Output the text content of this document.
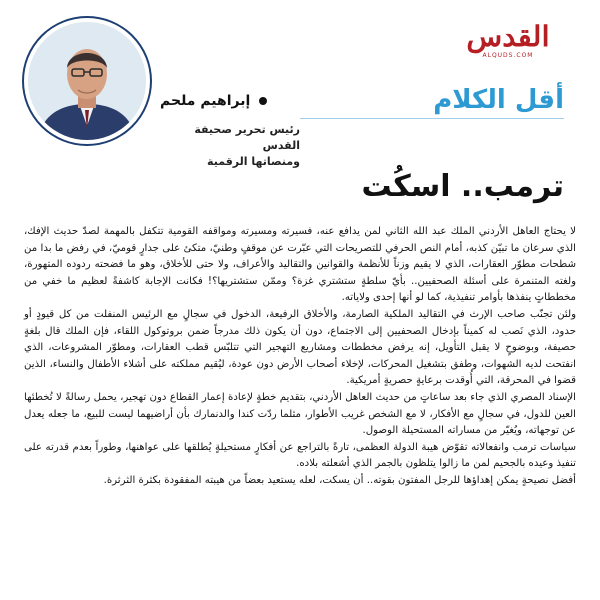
القدس
ALQUDS.COM
أقل الكلام
إبراهيم ملحم
رئيس تحرير صحيفة القدس
ومنصاتها الرقمية
ترمب.. اسكُت

لا يحتاج العاهل الأردني الملك عبد الله الثاني لمن يدافع عنه، فسيرته ومسيرته ومواقفه القومية تتكفل بالمهمة لصدّ حديث الإفك، الذي سرعان ما تبيّن كذبه، أمام النص الحرفي للتصريحات التي عبّرت عن موقفٍ وطنيّ، متكئ على جدارٍ قوميّ، في رفض ما بدا من شطحات مطوّر العقارات، الذي لا يقيم وزناً للأنظمة والقوانين والتقاليد والأعراف، ولا حتى للأخلاق، وهو ما فضحته ردوده المتهورة، ولغته المتنمرة على أسئلة الصحفيين.. بأيّ سلطةٍ ستشتري غزة؟ وممّن ستشتريها؟! فكانت الإجابة كاشفةً لعظيم ما خفي من مخططاتٍ ينفذها بأوامر تنفيذية، كما لو أنها إحدى ولاياته.

ولئن تجنّب صاحب الإرث في التقاليد الملكية الصارمة، والأخلاق الرفيعة، الدخول في سجالٍ مع الرئيس المنفلت من كل قيودٍ أو حدود، الذي نَصب له كميناً بإدخال الصحفيين إلى الاجتماع، دون أن يكون ذلك مدرجاً ضمن بروتوكول اللقاء، فإن الملك قال بلغةٍ حصيفة، وبوضوحٍ لا يقبل التأويل، إنه يرفض مخططات ومشاريع التهجير التي تتلبّس قطب العقارات، ومطوّر المشروعات، الذي انفتحت لديه الشهوات، وطفق بتشغيل المحركات، لإخلاء أصحاب الأرض دون عودة، ليُقيم مملكته على أشلاء الأطفال والنساء، الذين قضوا في المحرقة، التي أُوقدت برعايةٍ حصريةٍ أمريكية.

الإسناد المصري الذي جاء بعد ساعاتٍ من حديث العاهل الأردني، بتقديم خطةٍ لإعادة إعمار القطاع دون تهجير، يحمل رسالةً لا تُخطئها العين للدول، في سجالٍ مع الأفكار، لا مع الشخص غريب الأطوار، مثلما ردّت كندا والدنمارك بأن أراضيهما ليست للبيع، ما جعله يعدل عن توجهاته، ويُغيّر من مساراته المستحيلة الوصول.

سياسات ترمب وانفعالاته تقوّض هيبة الدولة العظمى، تارةً بالتراجع عن أفكارٍ مستحيلةٍ يُطلقها على عواهنها، وطوراً بعدم قدرته على تنفيذ وعيده بالجحيم لمن ما زالوا يتلظون بالجمر الذي أشعلته بلاده.

أفضل نصيحةٍ يمكن إهداؤها للرجل المفتون بقوته.. أن يسكت، لعله يستعيد بعضاً من هيبته المفقودة بكثرة الثرثرة.
